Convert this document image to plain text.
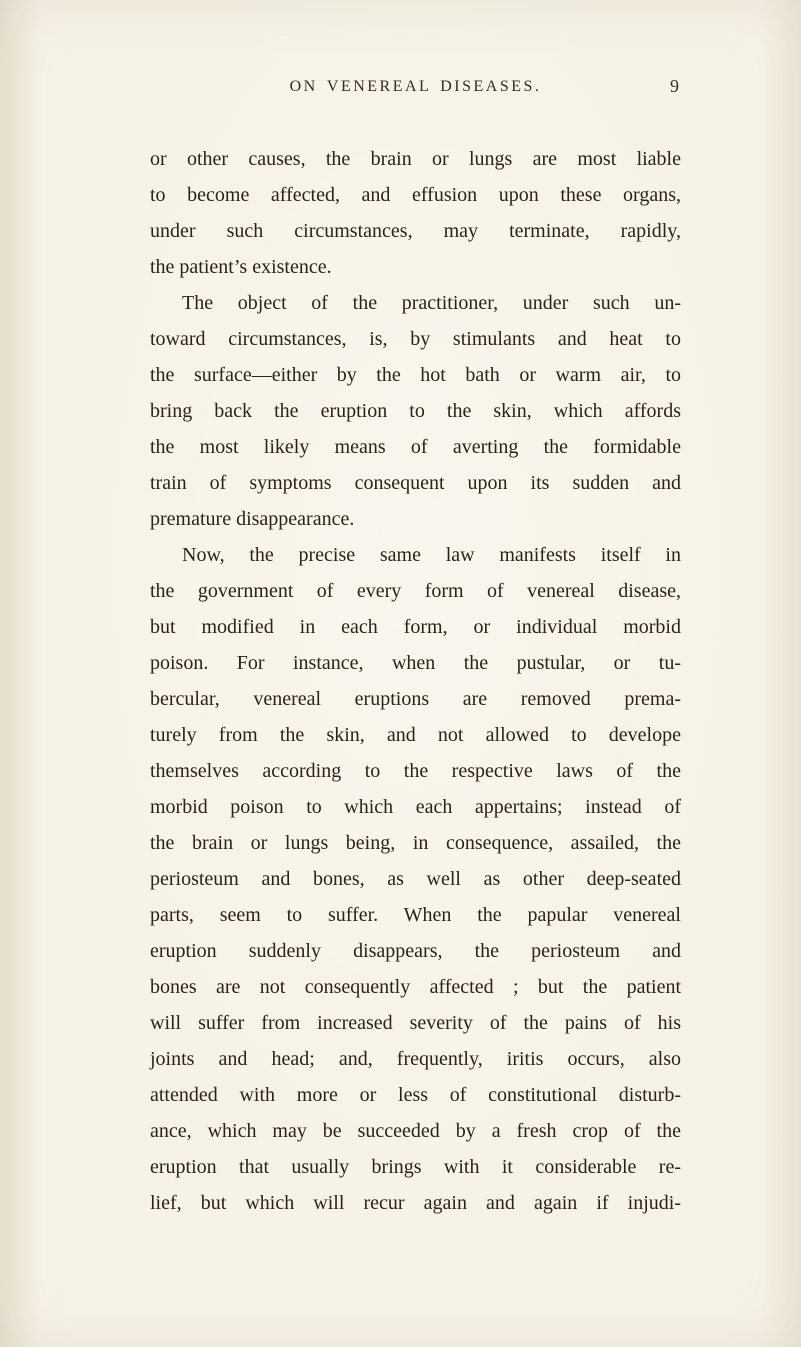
ON VENEREAL DISEASES.	9
or other causes, the brain or lungs are most liable
to become affected, and effusion upon these organs,
under such circumstances, may terminate, rapidly,
the patient’s existence.
The object of the practitioner, under such un-
toward circumstances, is, by stimulants and heat to
the surface—either by the hot bath or warm air, to
bring back the eruption to the skin, which affords
the most likely means of averting the formidable
train of symptoms consequent upon its sudden and
premature disappearance.
Now, the precise same law manifests itself in
the government of every form of venereal disease,
but modified in each form, or individual morbid
poison. For instance, when the pustular, or tu-
bercular, venereal eruptions are removed prema-
turely from the skin, and not allowed to develope
themselves according to the respective laws of the
morbid poison to which each appertains; instead of
the brain or lungs being, in consequence, assailed, the
periosteum and bones, as well as other deep-seated
parts, seem to suffer. When the papular venereal
eruption suddenly disappears, the periosteum and
bones are not consequently affected ; but the patient
will suffer from increased severity of the pains of his
joints and head; and, frequently, iritis occurs, also
attended with more or less of constitutional disturb-
ance, which may be succeeded by a fresh crop of the
eruption that usually brings with it considerable re-
lief, but which will recur again and again if injudi-
